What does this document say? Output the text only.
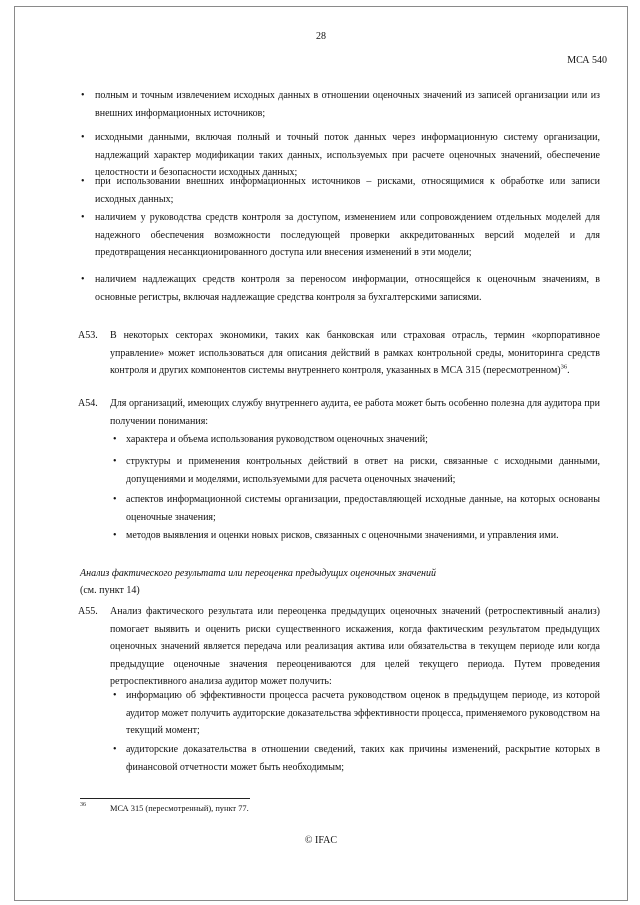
28
МСА 540
• полным и точным извлечением исходных данных в отношении оценочных значений из записей организации или из внешних информационных источников;
• исходными данными, включая полный и точный поток данных через информационную систему организации, надлежащий характер модификации таких данных, используемых при расчете оценочных значений, обеспечение целостности и безопасности исходных данных;
• при использовании внешних информационных источников – рисками, относящимися к обработке или записи исходных данных;
• наличием у руководства средств контроля за доступом, изменением или сопровождением отдельных моделей для надежного обеспечения возможности последующей проверки аккредитованных версий моделей и для предотвращения несанкционированного доступа или внесения изменений в эти модели;
• наличием надлежащих средств контроля за переносом информации, относящейся к оценочным значениям, в основные регистры, включая надлежащие средства контроля за бухгалтерскими записями.
A53. В некоторых секторах экономики, таких как банковская или страховая отрасль, термин «корпоративное управление» может использоваться для описания действий в рамках контрольной среды, мониторинга средств контроля и других компонентов системы внутреннего контроля, указанных в МСА 315 (пересмотренном)$^{36}$.
A54. Для организаций, имеющих службу внутреннего аудита, ее работа может быть особенно полезна для аудитора при получении понимания:
• характера и объема использования руководством оценочных значений;
• структуры и применения контрольных действий в ответ на риски, связанные с исходными данными, допущениями и моделями, используемыми для расчета оценочных значений;
• аспектов информационной системы организации, предоставляющей исходные данные, на которых основаны оценочные значения;
• методов выявления и оценки новых рисков, связанных с оценочными значениями, и управления ими.
Анализ фактического результата или переоценка предыдущих оценочных значений
(см. пункт 14)
A55. Анализ фактического результата или переоценка предыдущих оценочных значений (ретроспективный анализ) помогает выявить и оценить риски существенного искажения, когда фактическим результатом предыдущих оценочных значений является передача или реализация актива или обязательства в текущем периоде или когда предыдущие оценочные значения переоцениваются для целей текущего периода. Путем проведения ретроспективного анализа аудитор может получить:
• информацию об эффективности процесса расчета руководством оценок в предыдущем периоде, из которой аудитор может получить аудиторские доказательства эффективности процесса, применяемого руководством на текущий момент;
• аудиторские доказательства в отношении сведений, таких как причины изменений, раскрытие которых в финансовой отчетности может быть необходимым;
36	МСА 315 (пересмотренный), пункт 77.
© IFAC
